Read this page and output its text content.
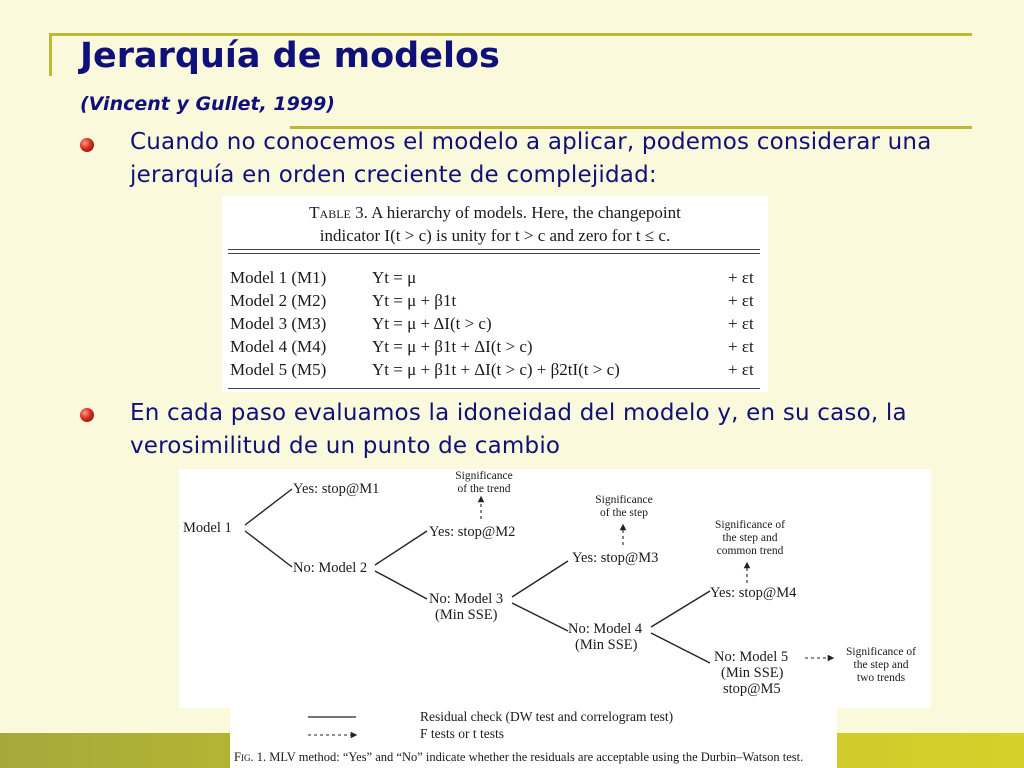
Jerarquía de modelos
(Vincent y Gullet, 1999)
Cuando no conocemos el modelo a aplicar, podemos considerar una jerarquía en orden creciente de complejidad:
Table 3. A hierarchy of models. Here, the changepoint
indicator I(t > c) is unity for t > c and zero for t ≤ c.
Model 1 (M1)	Yt = μ	+ εt
Model 2 (M2)	Yt = μ + β1t	+ εt
Model 3 (M3)	Yt = μ + ΔI(t > c)	+ εt
Model 4 (M4)	Yt = μ + β1t + ΔI(t > c)	+ εt
Model 5 (M5)	Yt = μ + β1t + ΔI(t > c) + β2tI(t > c)	+ εt
En cada paso evaluamos la idoneidad del modelo y, en su caso, la verosimilitud de un punto de cambio
Model 1
Yes: stop@M1
No: Model 2
Yes: stop@M2
No: Model 3
(Min SSE)
Yes: stop@M3
No: Model 4
(Min SSE)
Yes: stop@M4
No: Model 5
(Min SSE)
stop@M5
Significance
of the trend
Significance
of the step
Significance of
the step and
common trend
Significance of
the step and
two trends
Residual check (DW test and correlogram test)
F tests or t tests
Fig. 1. MLV method: “Yes” and “No” indicate whether the residuals are acceptable using the Durbin–Watson test.
